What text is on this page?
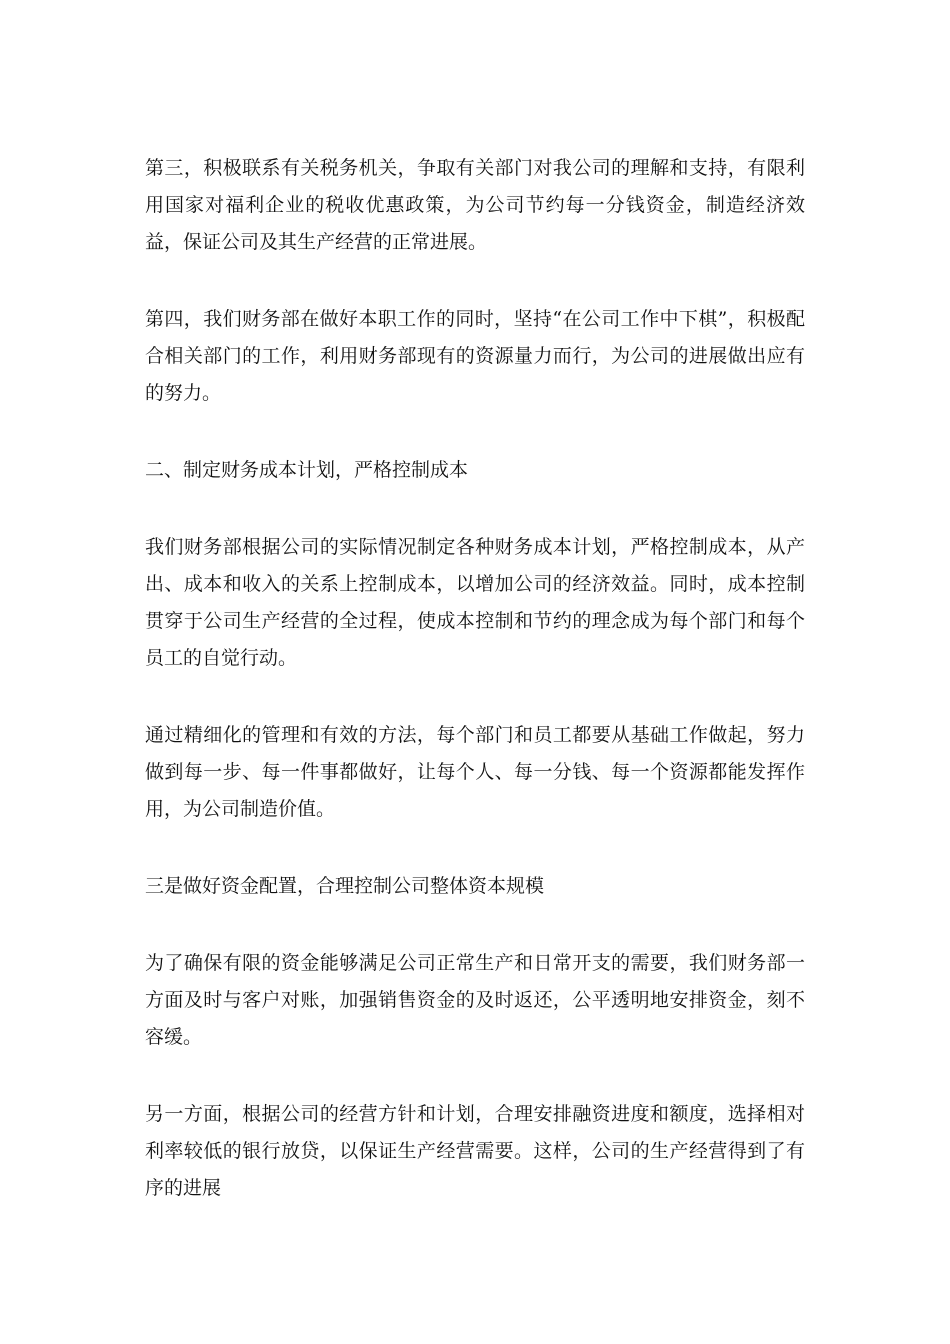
第三，积极联系有关税务机关，争取有关部门对我公司的理解和支持，有限利用国家对福利企业的税收优惠政策，为公司节约每一分钱资金，制造经济效益，保证公司及其生产经营的正常进展。

第四，我们财务部在做好本职工作的同时，坚持“在公司工作中下棋”，积极配合相关部门的工作，利用财务部现有的资源量力而行，为公司的进展做出应有的努力。

二、制定财务成本计划，严格控制成本

我们财务部根据公司的实际情况制定各种财务成本计划，严格控制成本，从产出、成本和收入的关系上控制成本，以增加公司的经济效益。同时，成本控制贯穿于公司生产经营的全过程，使成本控制和节约的理念成为每个部门和每个员工的自觉行动。

通过精细化的管理和有效的方法，每个部门和员工都要从基础工作做起，努力做到每一步、每一件事都做好，让每个人、每一分钱、每一个资源都能发挥作用，为公司制造价值。

三是做好资金配置，合理控制公司整体资本规模

为了确保有限的资金能够满足公司正常生产和日常开支的需要，我们财务部一方面及时与客户对账，加强销售资金的及时返还，公平透明地安排资金，刻不容缓。

另一方面，根据公司的经营方针和计划，合理安排融资进度和额度，选择相对利率较低的银行放贷，以保证生产经营需要。这样，公司的生产经营得到了有序的进展
